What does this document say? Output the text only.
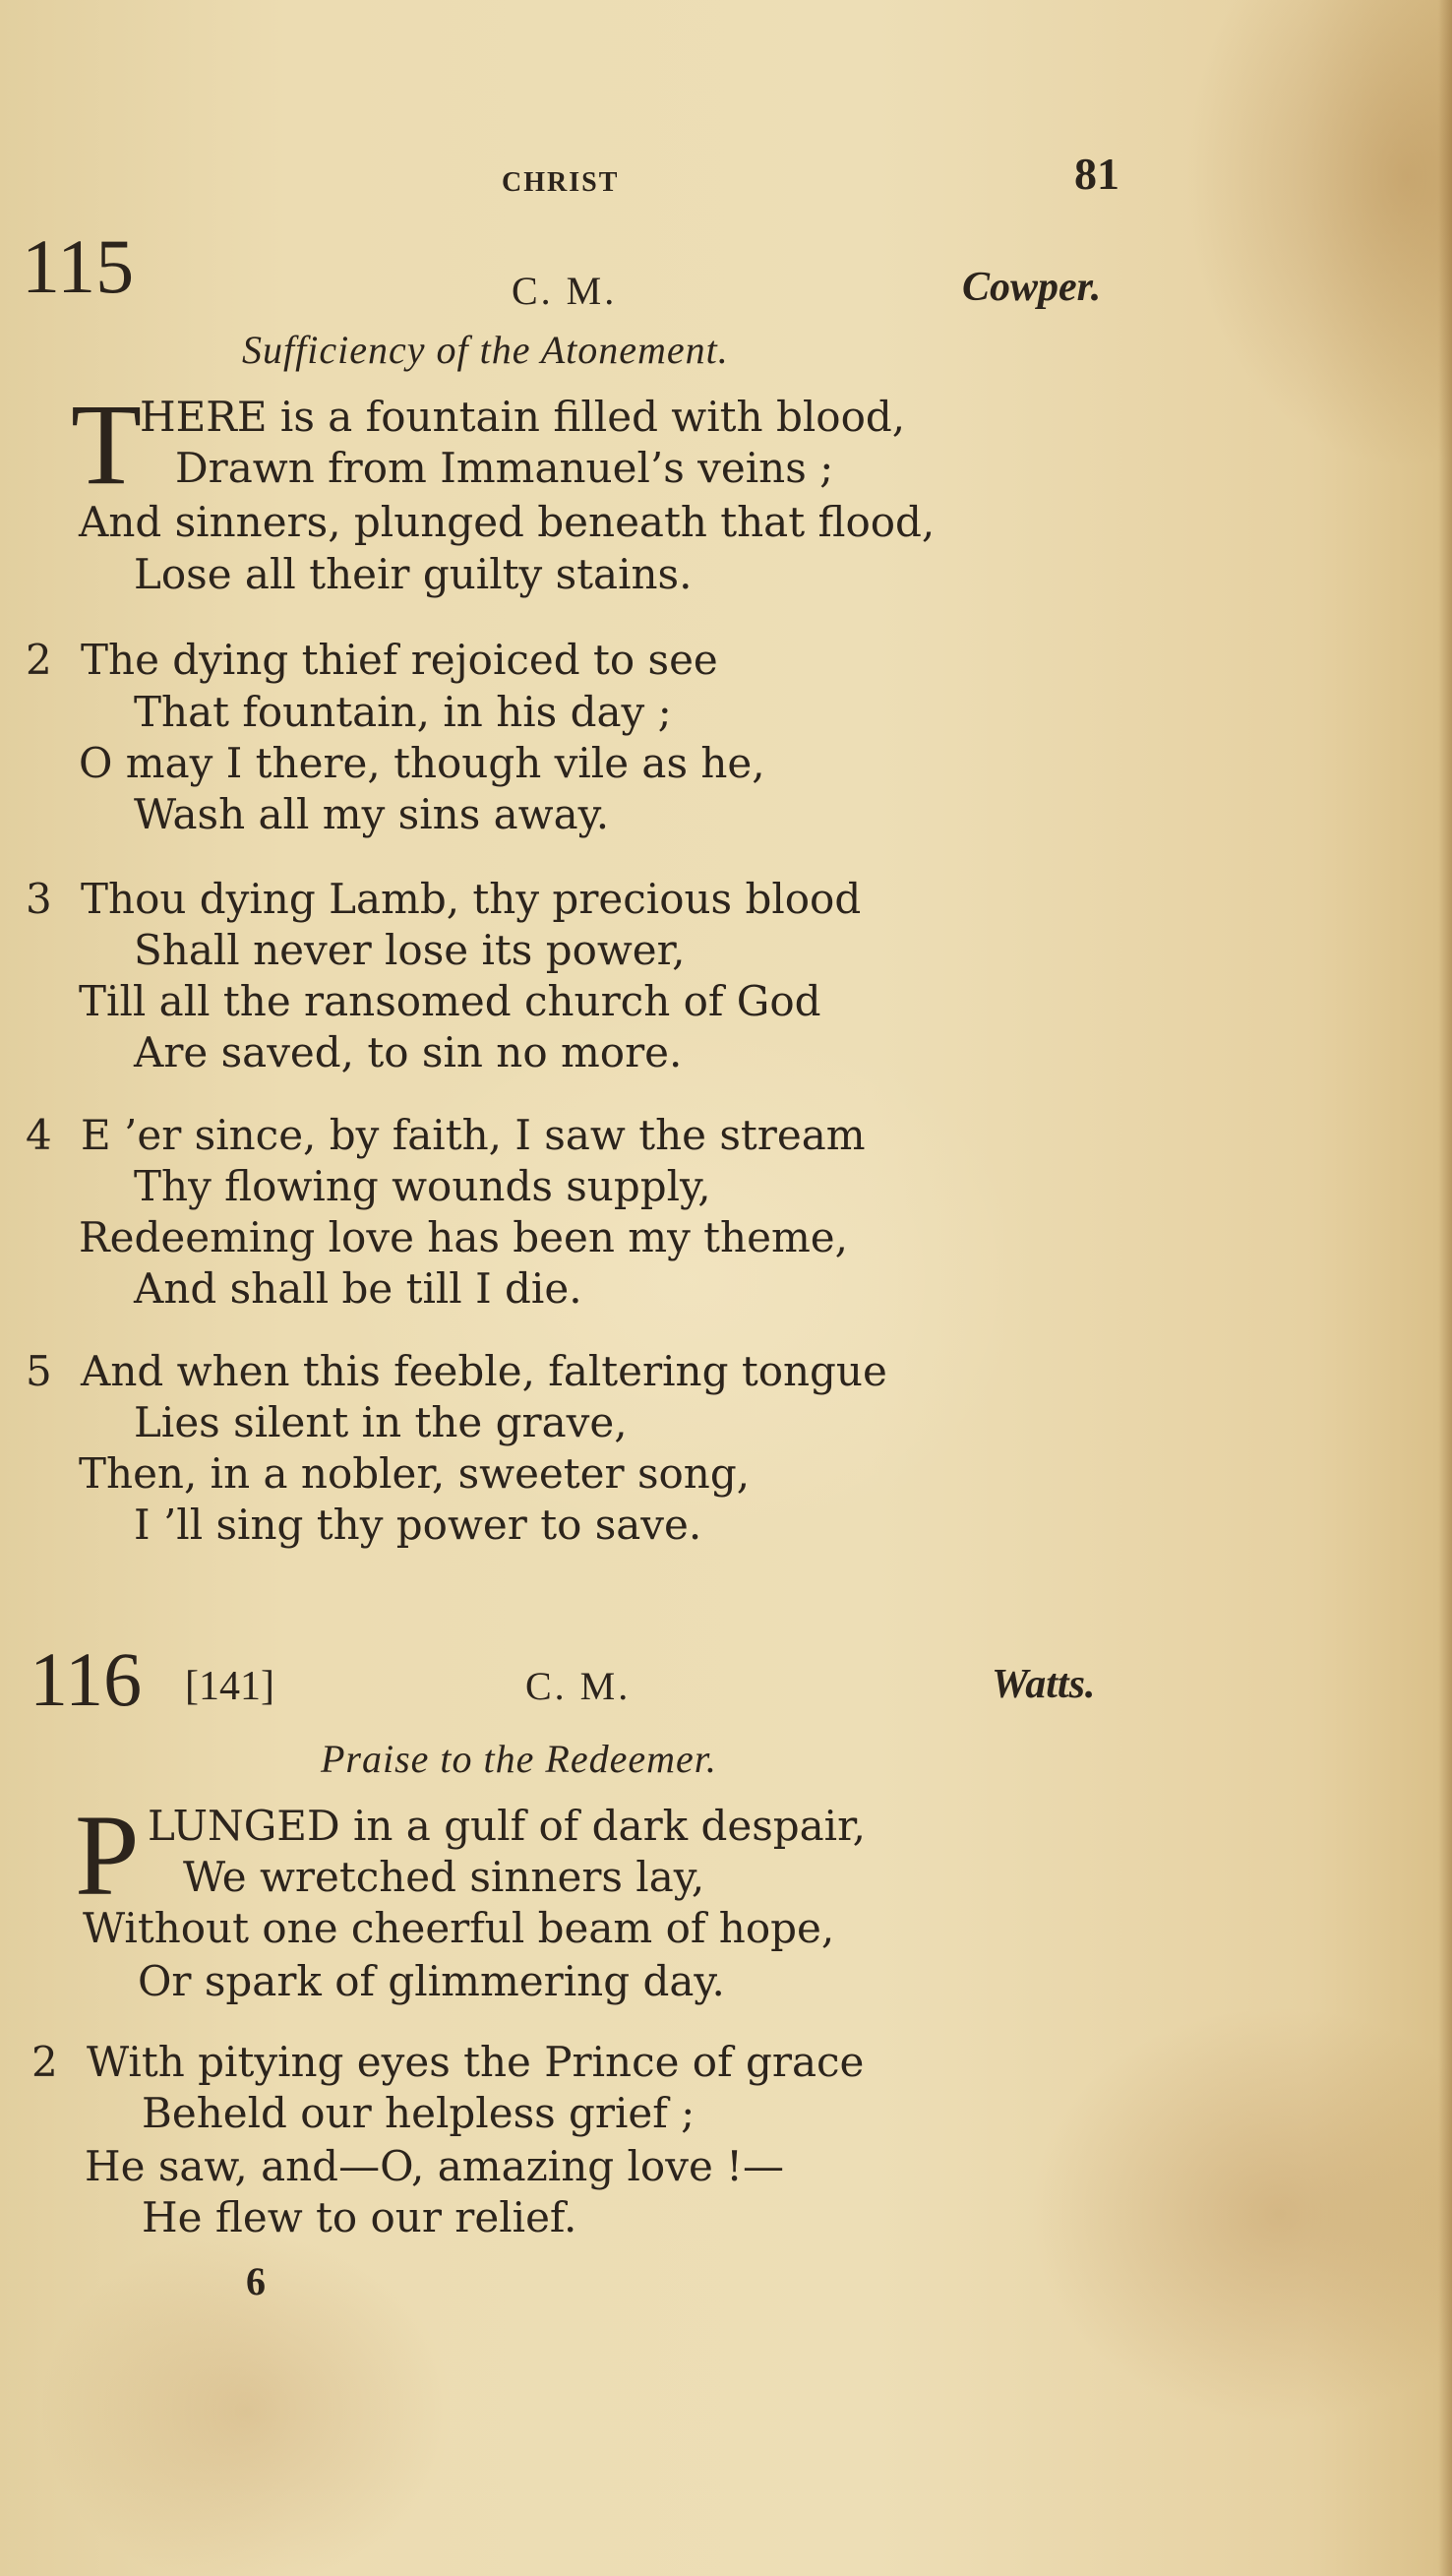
CHRIST	81
115	C. M.	Cowper.
Sufficiency of the Atonement.
T
HERE is a fountain filled with blood,
Drawn from Immanuel’s veins ;
And sinners, plunged beneath that flood,
Lose all their guilty stains.
2 The dying thief rejoiced to see
That fountain, in his day ;
O may I there, though vile as he,
Wash all my sins away.
3 Thou dying Lamb, thy precious blood
Shall never lose its power,
Till all the ransomed church of God
Are saved, to sin no more.
4 E ’er since, by faith, I saw the stream
Thy flowing wounds supply,
Redeeming love has been my theme,
And shall be till I die.
5 And when this feeble, faltering tongue
Lies silent in the grave,
Then, in a nobler, sweeter song,
I ’ll sing thy power to save.
116 [141]	C. M.	Watts.
Praise to the Redeemer.
P LUNGED in a gulf of dark despair,
We wretched sinners lay,
Without one cheerful beam of hope,
Or spark of glimmering day.
2 With pitying eyes the Prince of grace
Beheld our helpless grief ;
He saw, and—O, amazing love !—
He flew to our relief.
6
